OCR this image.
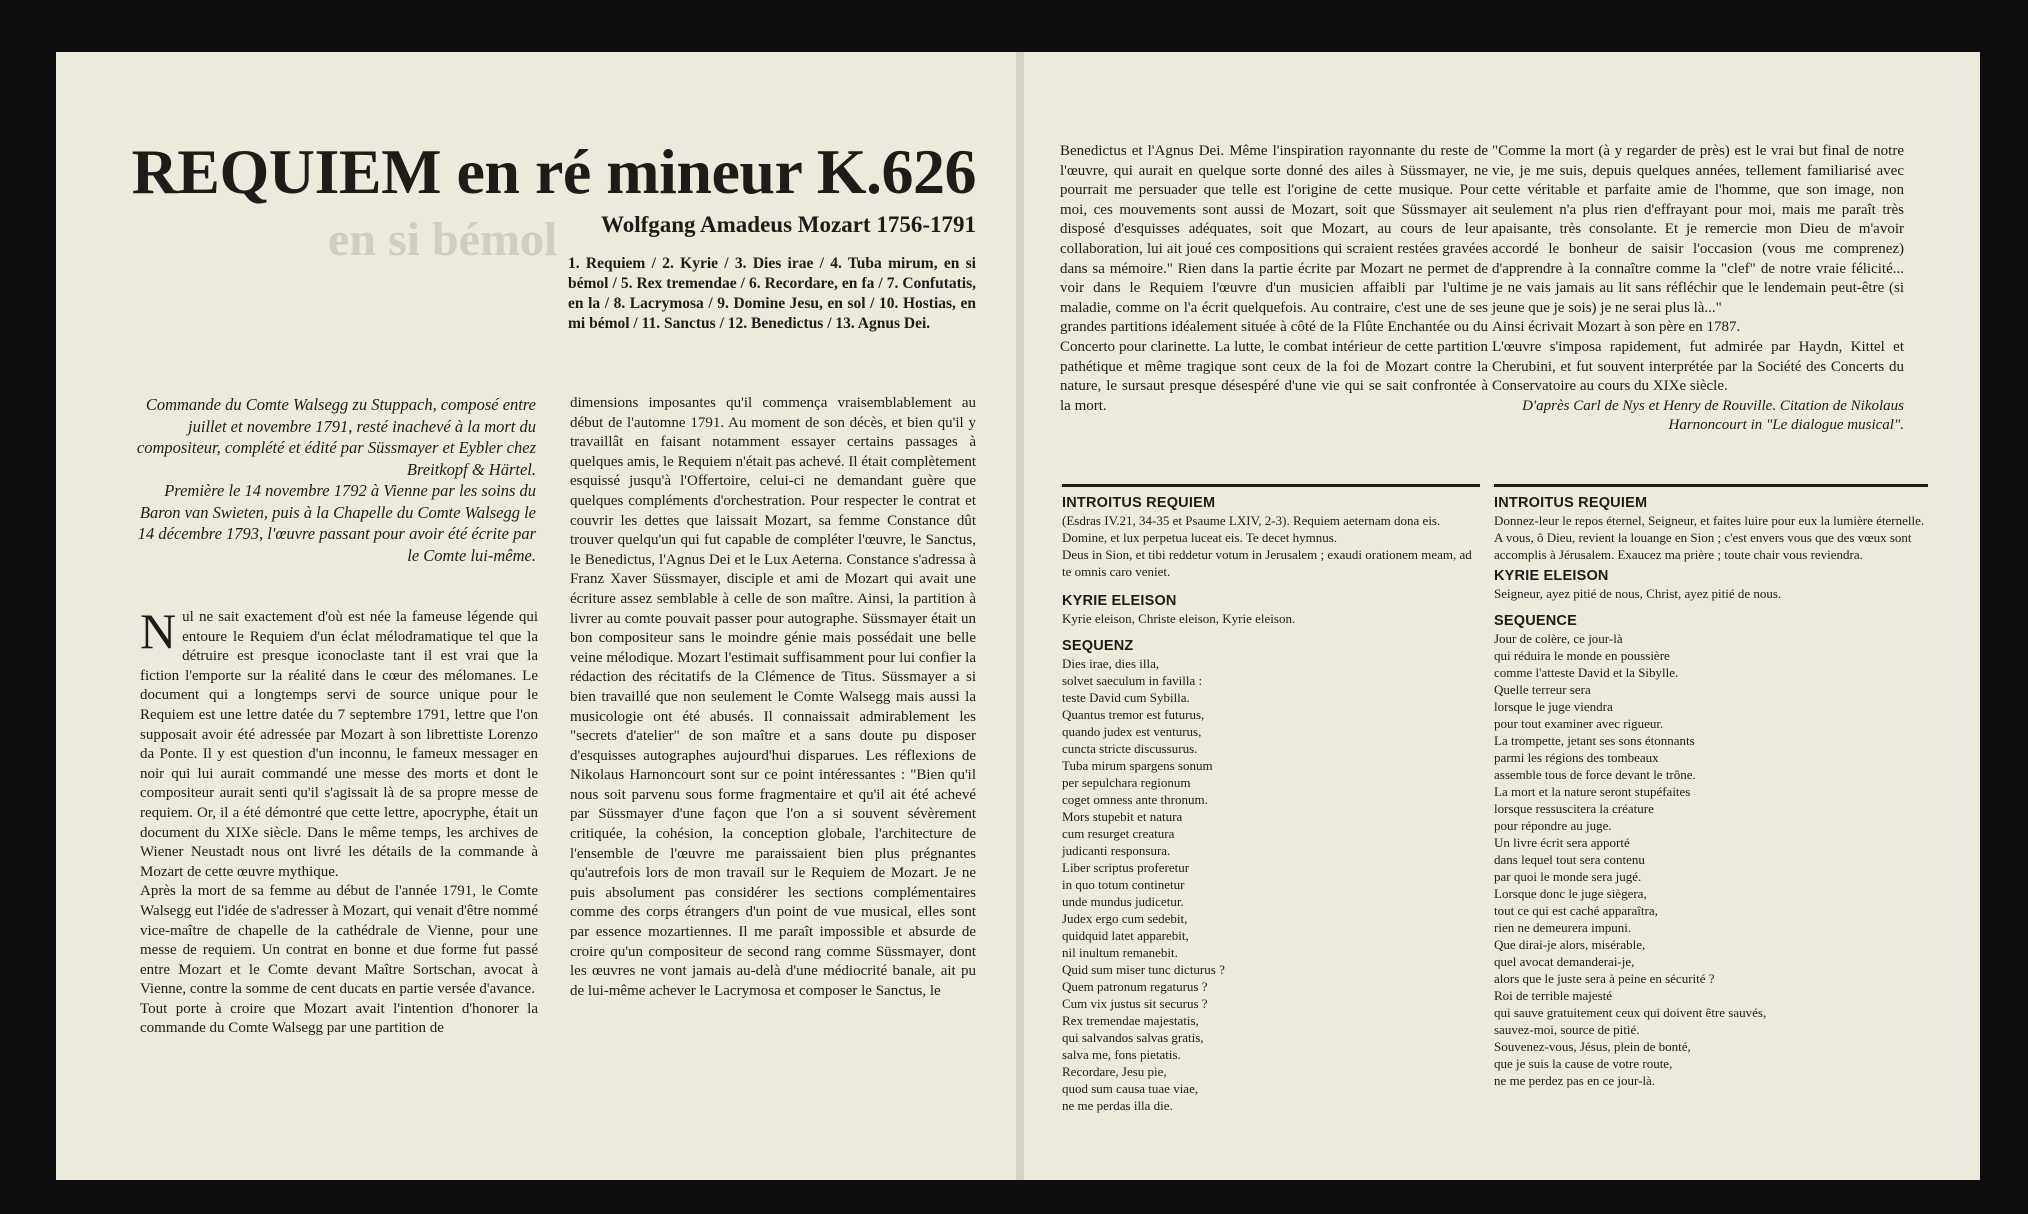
en si bémol
REQUIEM en ré mineur K.626
Wolfgang Amadeus Mozart 1756-1791
1. Requiem / 2. Kyrie / 3. Dies irae / 4. Tuba mirum, en si bémol / 5. Rex tremendae / 6. Recordare, en fa / 7. Confutatis, en la / 8. Lacrymosa / 9. Domine Jesu, en sol / 10. Hostias, en mi bémol / 11. Sanctus / 12. Benedictus / 13. Agnus Dei.

Commande du Comte Walsegg zu Stuppach, composé entre juillet et novembre 1791, resté inachevé à la mort du compositeur, complété et édité par Süssmayer et Eybler chez Breitkopf & Härtel.

Première le 14 novembre 1792 à Vienne par les soins du Baron van Swieten, puis à la Chapelle du Comte Walsegg le 14 décembre 1793, l'œuvre passant pour avoir été écrite par le Comte lui-même.

Nul ne sait exactement d'où est née la fameuse légende qui entoure le Requiem d'un éclat mélodramatique tel que la détruire est presque iconoclaste tant il est vrai que la fiction l'emporte sur la réalité dans le cœur des mélomanes. Le document qui a longtemps servi de source unique pour le Requiem est une lettre datée du 7 septembre 1791, lettre que l'on supposait avoir été adressée par Mozart à son librettiste Lorenzo da Ponte. Il y est question d'un inconnu, le fameux messager en noir qui lui aurait commandé une messe des morts et dont le compositeur aurait senti qu'il s'agissait là de sa propre messe de requiem. Or, il a été démontré que cette lettre, apocryphe, était un document du XIXe siècle. Dans le même temps, les archives de Wiener Neustadt nous ont livré les détails de la commande à Mozart de cette œuvre mythique.

Après la mort de sa femme au début de l'année 1791, le Comte Walsegg eut l'idée de s'adresser à Mozart, qui venait d'être nommé vice-maître de chapelle de la cathédrale de Vienne, pour une messe de requiem. Un contrat en bonne et due forme fut passé entre Mozart et le Comte devant Maître Sortschan, avocat à Vienne, contre la somme de cent ducats en partie versée d'avance.

Tout porte à croire que Mozart avait l'intention d'honorer la commande du Comte Walsegg par une partition de

dimensions imposantes qu'il commença vraisemblablement au début de l'automne 1791. Au moment de son décès, et bien qu'il y travaillât en faisant notamment essayer certains passages à quelques amis, le Requiem n'était pas achevé. Il était complètement esquissé jusqu'à l'Offertoire, celui-ci ne demandant guère que quelques compléments d'orchestration. Pour respecter le contrat et couvrir les dettes que laissait Mozart, sa femme Constance dût trouver quelqu'un qui fut capable de compléter l'œuvre, le Sanctus, le Benedictus, l'Agnus Dei et le Lux Aeterna. Constance s'adressa à Franz Xaver Süssmayer, disciple et ami de Mozart qui avait une écriture assez semblable à celle de son maître. Ainsi, la partition à livrer au comte pouvait passer pour autographe. Süssmayer était un bon compositeur sans le moindre génie mais possédait une belle veine mélodique. Mozart l'estimait suffisamment pour lui confier la rédaction des récitatifs de la Clémence de Titus. Süssmayer a si bien travaillé que non seulement le Comte Walsegg mais aussi la musicologie ont été abusés. Il connaissait admirablement les "secrets d'atelier" de son maître et a sans doute pu disposer d'esquisses autographes aujourd'hui disparues. Les réflexions de Nikolaus Harnoncourt sont sur ce point intéressantes : "Bien qu'il nous soit parvenu sous forme fragmentaire et qu'il ait été achevé par Süssmayer d'une façon que l'on a si souvent sévèrement critiquée, la cohésion, la conception globale, l'architecture de l'ensemble de l'œuvre me paraissaient bien plus prégnantes qu'autrefois lors de mon travail sur le Requiem de Mozart. Je ne puis absolument pas considérer les sections complémentaires comme des corps étrangers d'un point de vue musical, elles sont par essence mozartiennes. Il me paraît impossible et absurde de croire qu'un compositeur de second rang comme Süssmayer, dont les œuvres ne vont jamais au-delà d'une médiocrité banale, ait pu de lui-même achever le Lacrymosa et composer le Sanctus, le

Benedictus et l'Agnus Dei. Même l'inspiration rayonnante du reste de l'œuvre, qui aurait en quelque sorte donné des ailes à Süssmayer, ne pourrait me persuader que telle est l'origine de cette musique. Pour moi, ces mouvements sont aussi de Mozart, soit que Süssmayer ait disposé d'esquisses adéquates, soit que Mozart, au cours de leur collaboration, lui ait joué ces compositions qui scraient restées gravées dans sa mémoire." Rien dans la partie écrite par Mozart ne permet de voir dans le Requiem l'œuvre d'un musicien affaibli par l'ultime maladie, comme on l'a écrit quelquefois. Au contraire, c'est une de ses grandes partitions idéalement située à côté de la Flûte Enchantée ou du Concerto pour clarinette. La lutte, le combat intérieur de cette partition pathétique et même tragique sont ceux de la foi de Mozart contre la nature, le sursaut presque désespéré d'une vie qui se sait confrontée à la mort.

"Comme la mort (à y regarder de près) est le vrai but final de notre vie, je me suis, depuis quelques années, tellement familiarisé avec cette véritable et parfaite amie de l'homme, que son image, non seulement n'a plus rien d'effrayant pour moi, mais me paraît très apaisante, très consolante. Et je remercie mon Dieu de m'avoir accordé le bonheur de saisir l'occasion (vous me comprenez) d'apprendre à la connaître comme la "clef" de notre vraie félicité... je ne vais jamais au lit sans réfléchir que le lendemain peut-être (si jeune que je sois) je ne serai plus là..."

Ainsi écrivait Mozart à son père en 1787.

L'œuvre s'imposa rapidement, fut admirée par Haydn, Kittel et Cherubini, et fut souvent interprétée par la Société des Concerts du Conservatoire au cours du XIXe siècle.

D'après Carl de Nys et Henry de Rouville. Citation de Nikolaus Harnoncourt in "Le dialogue musical".

INTROITUS REQUIEM

(Esdras IV.21, 34-35 et Psaume LXIV, 2-3). Requiem aeternam dona eis. Domine, et lux perpetua luceat eis. Te decet hymnus.

Deus in Sion, et tibi reddetur votum in Jerusalem ; exaudi orationem meam, ad te omnis caro veniet.

KYRIE ELEISON

Kyrie eleison, Christe eleison, Kyrie eleison.

SEQUENZ

Dies irae, dies illa,

solvet saeculum in favilla :

teste David cum Sybilla.

Quantus tremor est futurus,

quando judex est venturus,

cuncta stricte discussurus.

Tuba mirum spargens sonum

per sepulchara regionum

coget omness ante thronum.

Mors stupebit et natura

cum resurget creatura

judicanti responsura.

Liber scriptus proferetur

in quo totum continetur

unde mundus judicetur.

Judex ergo cum sedebit,

quidquid latet apparebit,

nil inultum remanebit.

Quid sum miser tunc dicturus ?

Quem patronum regaturus ?

Cum vix justus sit securus ?

Rex tremendae majestatis,

qui salvandos salvas gratis,

salva me, fons pietatis.

Recordare, Jesu pie,

quod sum causa tuae viae,

ne me perdas illa die.

INTROITUS REQUIEM

Donnez-leur le repos éternel, Seigneur, et faites luire pour eux la lumière éternelle.

A vous, ô Dieu, revient la louange en Sion ; c'est envers vous que des vœux sont accomplis à Jérusalem. Exaucez ma prière ; toute chair vous reviendra.

KYRIE ELEISON

Seigneur, ayez pitié de nous, Christ, ayez pitié de nous.

SEQUENCE

Jour de colère, ce jour-là

qui réduira le monde en poussière

comme l'atteste David et la Sibylle.

Quelle terreur sera

lorsque le juge viendra

pour tout examiner avec rigueur.

La trompette, jetant ses sons étonnants

parmi les régions des tombeaux

assemble tous de force devant le trône.

La mort et la nature seront stupéfaites

lorsque ressuscitera la créature

pour répondre au juge.

Un livre écrit sera apporté

dans lequel tout sera contenu

par quoi le monde sera jugé.

Lorsque donc le juge siègera,

tout ce qui est caché apparaîtra,

rien ne demeurera impuni.

Que dirai-je alors, misérable,

quel avocat demanderai-je,

alors que le juste sera à peine en sécurité ?

Roi de terrible majesté

qui sauve gratuitement ceux qui doivent être sauvés,

sauvez-moi, source de pitié.

Souvenez-vous, Jésus, plein de bonté,

que je suis la cause de votre route,

ne me perdez pas en ce jour-là.
